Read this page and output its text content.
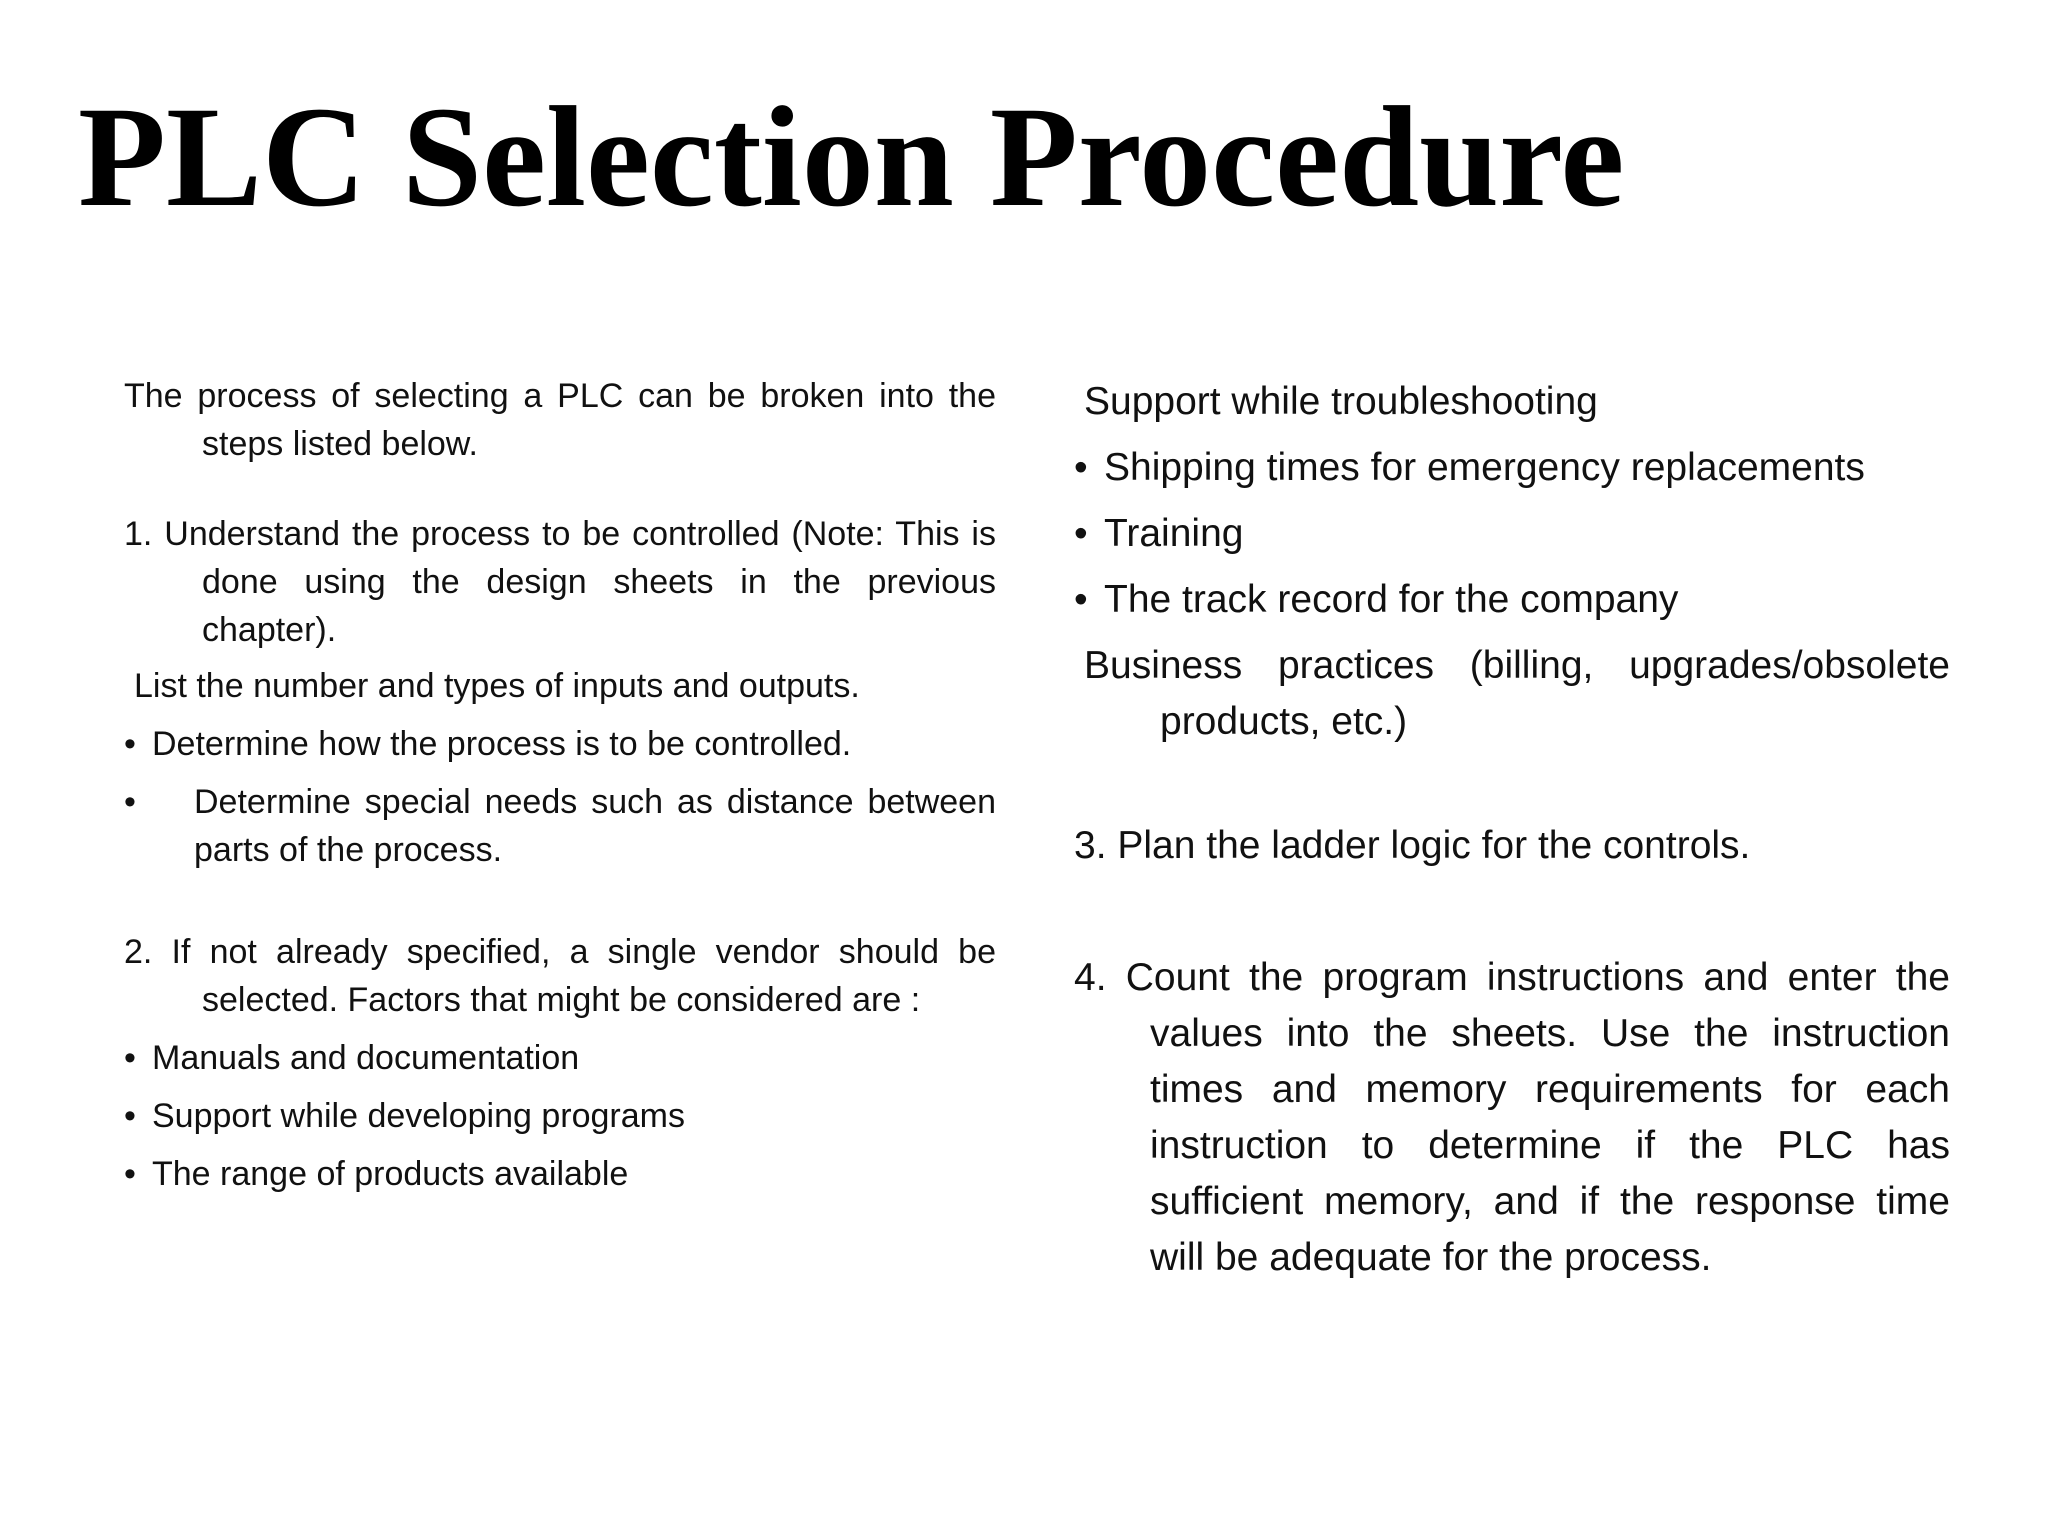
PLC Selection Procedure

The process of selecting a PLC can be broken into the steps listed below.

1. Understand the process to be controlled (Note: This is done using the design sheets in the previous chapter).

List the number and types of inputs and outputs.

• Determine how the process is to be controlled.
•	Determine special needs such as distance between parts of the process.

2. If not already specified, a single vendor should be selected. Factors that might be considered are :

• Manuals and documentation
• Support while developing programs
• The range of products available

Support while troubleshooting

• Shipping times for emergency replacements
• Training
• The track record for the company

Business practices (billing, upgrades/obsolete products, etc.)

3. Plan the ladder logic for the controls.

4. Count the program instructions and enter the values into the sheets. Use the instruction times and memory requirements for each instruction to determine if the PLC has sufficient memory, and if the response time will be adequate for the process.
